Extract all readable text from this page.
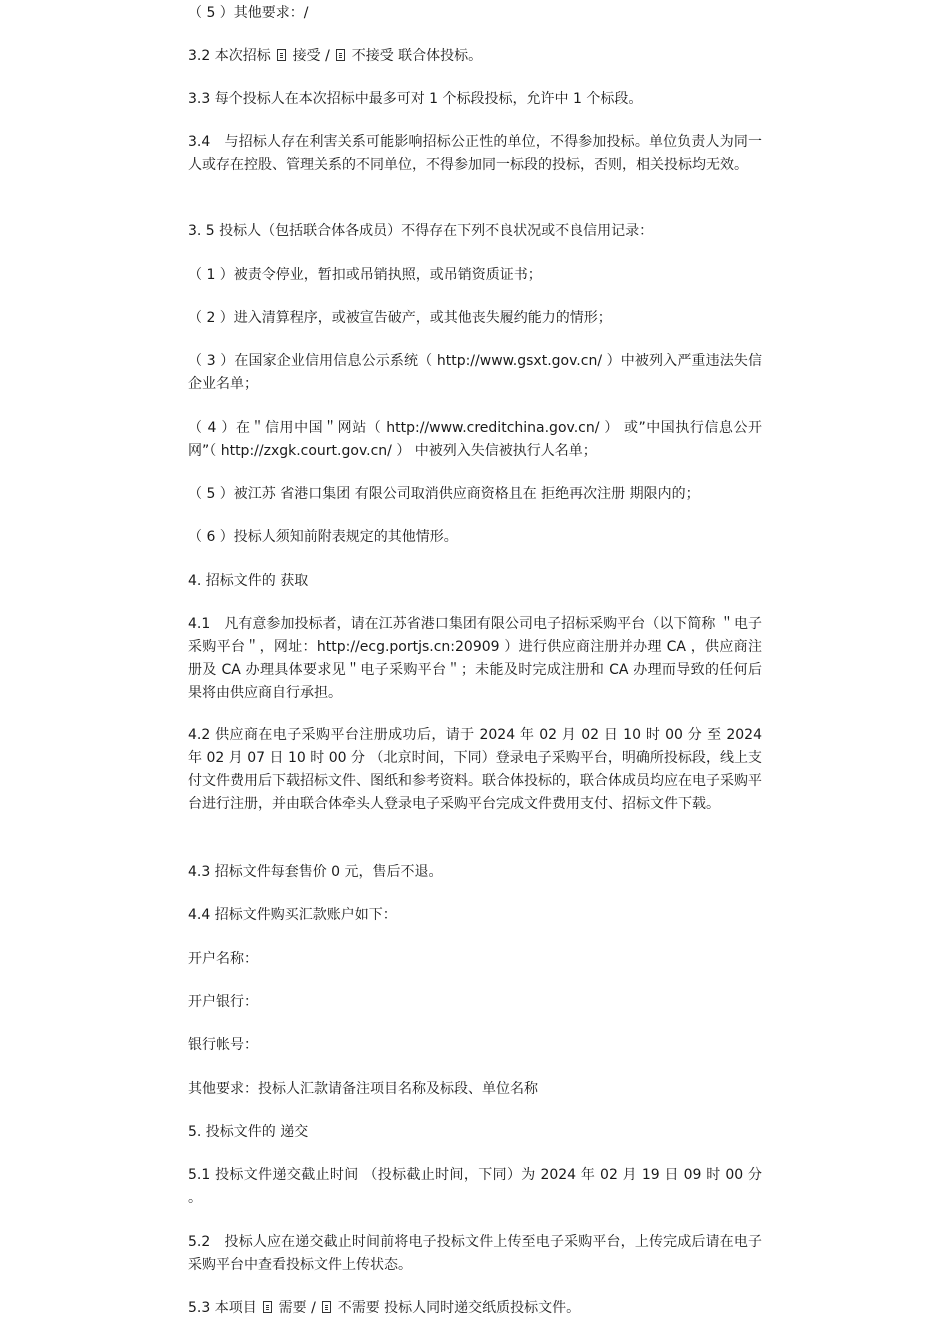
（ 5 ）其他要求：/

3.2 本次招标  接受 /  不接受 联合体投标。

3.3 每个投标人在本次招标中最多可对 1 个标段投标，允许中 1 个标段。

3.4　与招标人存在利害关系可能影响招标公正性的单位，不得参加投标。单位负责人为同一人或存在控股、管理关系的不同单位，不得参加同一标段的投标，否则，相关投标均无效。

3. 5 投标人（包括联合体各成员）不得存在下列不良状况或不良信用记录：

（ 1 ）被责令停业，暂扣或吊销执照，或吊销资质证书；

（ 2 ）进入清算程序，或被宣告破产，或其他丧失履约能力的情形；

（ 3 ）在国家企业信用信息公示系统（ http://www.gsxt.gov.cn/ ）中被列入严重违法失信企业名单；

（ 4 ）在＂信用中国＂网站（ http://www.creditchina.gov.cn/ ） 或”中国执行信息公开网”（ http://zxgk.court.gov.cn/ ） 中被列入失信被执行人名单；

（ 5 ）被江苏 省港口集团 有限公司取消供应商资格且在 拒绝再次注册 期限内的；

（ 6 ）投标人须知前附表规定的其他情形。

4. 招标文件的 获取

4.1　凡有意参加投标者，请在江苏省港口集团有限公司电子招标采购平台（以下简称 ＂电子采购平台＂，网址：http://ecg.portjs.cn:20909 ）进行供应商注册并办理 CA ，供应商注册及 CA 办理具体要求见＂电子采购平台＂；未能及时完成注册和 CA 办理而导致的任何后果将由供应商自行承担。

4.2 供应商在电子采购平台注册成功后，请于 2024 年 02 月 02 日 10 时 00 分 至 2024 年 02 月 07 日 10 时 00 分 （北京时间，下同）登录电子采购平台，明确所投标段，线上支付文件费用后下载招标文件、图纸和参考资料。联合体投标的，联合体成员均应在电子采购平台进行注册，并由联合体牵头人登录电子采购平台完成文件费用支付、招标文件下载。

4.3 招标文件每套售价 0 元，售后不退。

4.4 招标文件购买汇款账户如下：

开户名称：

开户银行：

银行帐号：

其他要求：投标人汇款请备注项目名称及标段、单位名称

5. 投标文件的 递交

5.1 投标文件递交截止时间 （投标截止时间，下同）为 2024 年 02 月 19 日 09 时 00 分 。

5.2　投标人应在递交截止时间前将电子投标文件上传至电子采购平台，上传完成后请在电子采购平台中查看投标文件上传状态。

5.3 本项目  需要 /  不需要 投标人同时递交纸质投标文件。
